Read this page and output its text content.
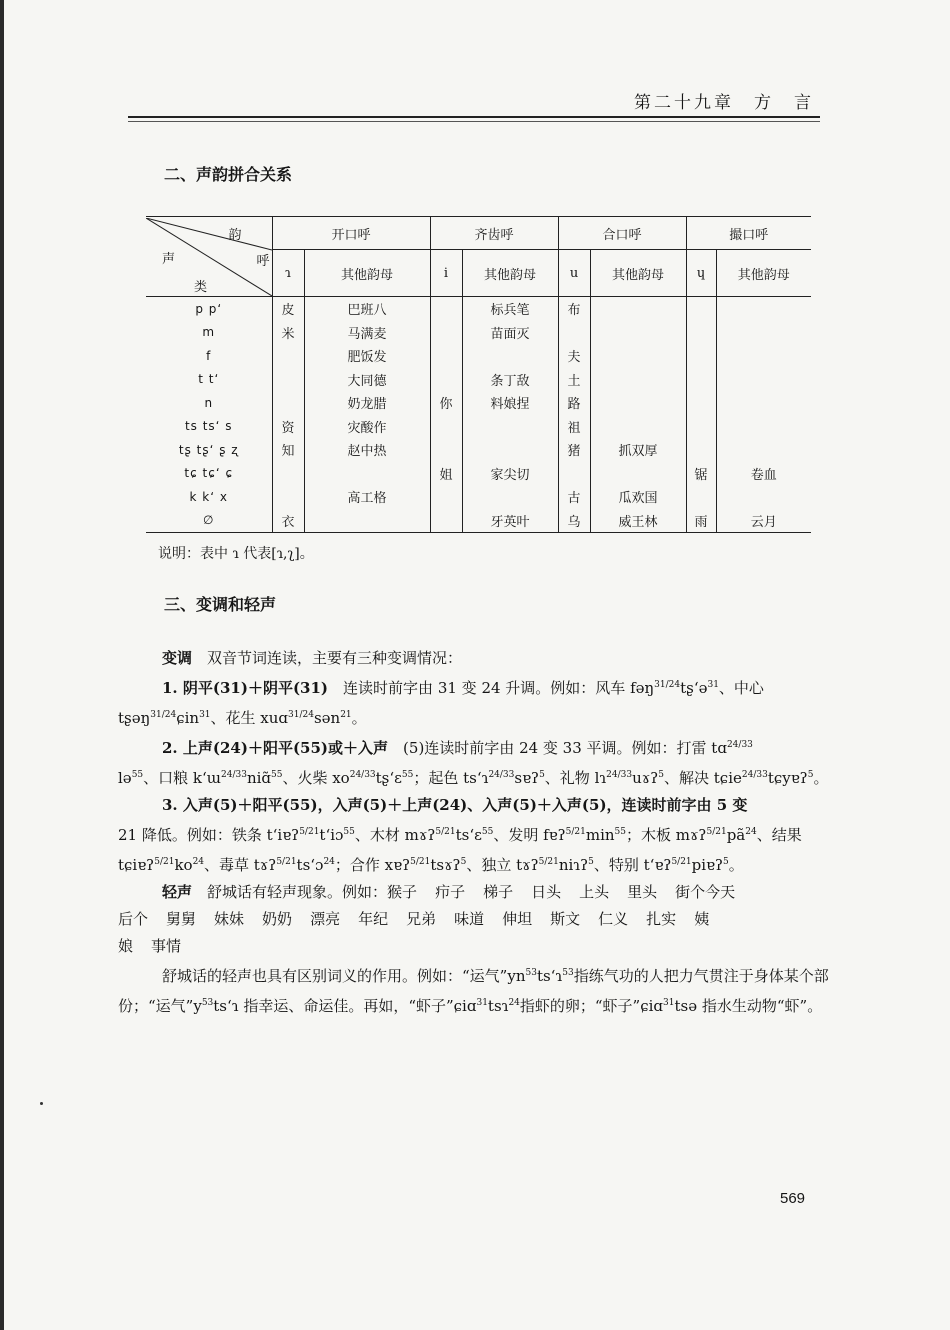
第二十九章　方　言
二、声韵拼合关系
韵
呼
声
类	开口呼		齐齿呼		合口呼		撮口呼	
	ɿ	其他韵母	i	其他韵母	u	其他韵母	ɥ	其他韵母
p p‘	皮	巴班八		标兵笔	布			
m	米	马满麦		苗面灭				
f		肥饭发			夫			
t t‘		大同德		条丁敌	土			
n		奶龙腊	你	料娘捏	路			
ts ts‘ s	资	灾酸作			祖			
tʂ tʂ‘ ʂ ʐ	知	赵中热			猪	抓双厚		
tɕ tɕ‘ ɕ			姐	家尖切			锯	卷血
k k‘ x		高工格			古	瓜欢国		
∅	衣			牙英叶	乌	威王林	雨	云月
说明：表中 ɿ 代表[ɿ,ʅ]。
三、变调和轻声

变调　 双音节词连读，主要有三种变调情况：

1. 阴平(31)＋阴平(31)　 连读时前字由 31 变 24 升调。例如：风车 fəŋ$^{31/24}$tʂ‘ə$^{31}$、中心

tʂəŋ$^{31/24}$ɕin$^{31}$、花生 xuɑ$^{31/24}$sən$^{21}$。

2. 上声(24)＋阳平(55)或＋入声　 (5)连读时前字由 24 变 33 平调。例如：打雷 tɑ$^{24/33}$

lə$^{55}$、口粮 k‘ɯ$^{24/33}$niɑ̃$^{55}$、火柴 $xo^{24/33}tʂ‘ɛ^{55}$；起色 ts‘ɿ$^{24/33}$sɐʔ$^5$、礼物 lɿ$^{24/33}$uɤʔ$^5$、解决 tɕie$^{24/33}$tɕyɐʔ$^5$。

3. 入声(5)＋阳平(55)，入声(5)＋上声(24)、入声(5)＋入声(5)，连读时前字由 5 变

21 降低。例如：铁条 t‘iɐʔ$^{5/21}$t‘iɔ$^{55}$、木材 mɤʔ$^{5/21}$ts‘ɛ$^{55}$、发明 $fɐʔ^{5/21}\min^{55}$；木板 $mɤʔ^{5/21}pã^{24}$、结果

$tɕiɐʔ^{5/21}ko^{24}$、毒草 tɤʔ$^{5/21}$ts‘ɔ$^{24}$；合作 xɐʔ$^{5/21}$tsɤʔ$^5$、独立 tɤʔ$^{5/21}$niɿʔ$^5$、特别 t‘ɐʔ$^{5/21}$piɐʔ$^5$。

轻声　 舒城话有轻声现象。例如：猴子 疖子 梯子 日头 上头 里头 街个今天

后个 舅舅 妹妹 奶奶 漂亮 年纪 兄弟 味道 伸坦 斯文 仁义 扎实 姨

娘 事情

舒城话的轻声也具有区别词义的作用。例如：“运气$”yn^{53}ts‘ɿ^{53}$指练气功的人把力气贯注于身体某个部份；“运气$”y^{53}ts‘ɿ$ 指幸运、命运佳。再如，“虾子”ɕiɑ$^{31}$tsɿ$^{24}$指虾的卵；“虾子”ɕiɑ$^{31}$tsə 指水生动物“虾”。

569
